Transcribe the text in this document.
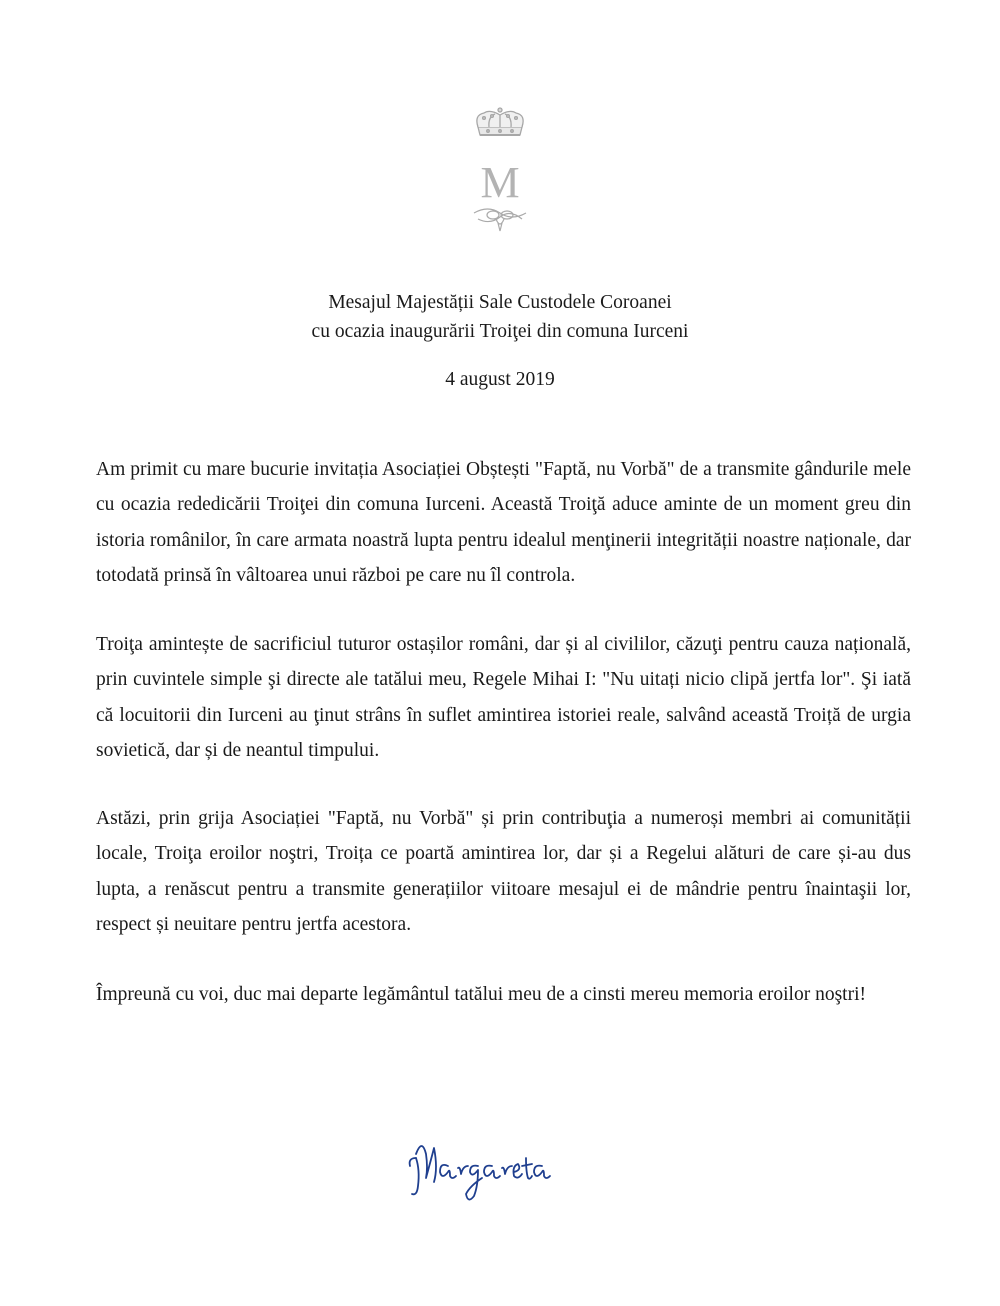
M
Mesajul Majestății Sale Custodele Coroanei
cu ocazia inaugurării Troiţei din comuna Iurceni
4 august 2019

Am primit cu mare bucurie invitația Asociației Obștești "Faptă, nu Vorbă" de a transmite gândurile mele cu ocazia rededicării Troiţei din comuna Iurceni. Această Troiţă aduce aminte de un moment greu din istoria românilor, în care armata noastră lupta pentru idealul menţinerii integrității noastre naționale, dar totodată prinsă în vâltoarea unui război pe care nu îl controla.

Troiţa amintește de sacrificiul tuturor ostașilor români, dar și al civililor, căzuţi pentru cauza națională, prin cuvintele simple şi directe ale tatălui meu, Regele Mihai I: "Nu uitați nicio clipă jertfa lor". Şi iată că locuitorii din Iurceni au ţinut strâns în suflet amintirea istoriei reale, salvând această Troiță de urgia sovietică, dar și de neantul timpului.

Astăzi, prin grija Asociației "Faptă, nu Vorbă" și prin contribuţia a numeroși membri ai comunității locale, Troiţa eroilor noştri, Troița ce poartă amintirea lor, dar și a Regelui alături de care și-au dus lupta, a renăscut pentru a transmite generațiilor viitoare mesajul ei de mândrie pentru înaintaşii lor, respect și neuitare pentru jertfa acestora.

Împreună cu voi, duc mai departe legământul tatălui meu de a cinsti mereu memoria eroilor noştri!
